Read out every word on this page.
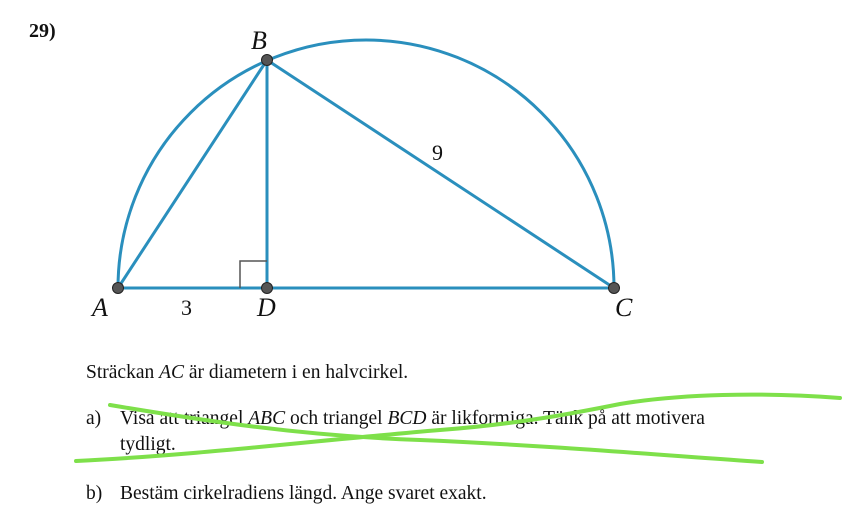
29)	B
A	D	C
3
9
Sträckan AC är diametern i en halvcirkel.
a) Visa att triangel ABC och triangel BCD är likformiga. Tänk på att motivera
tydligt.
b) Bestäm cirkelradiens längd. Ange svaret exakt.
